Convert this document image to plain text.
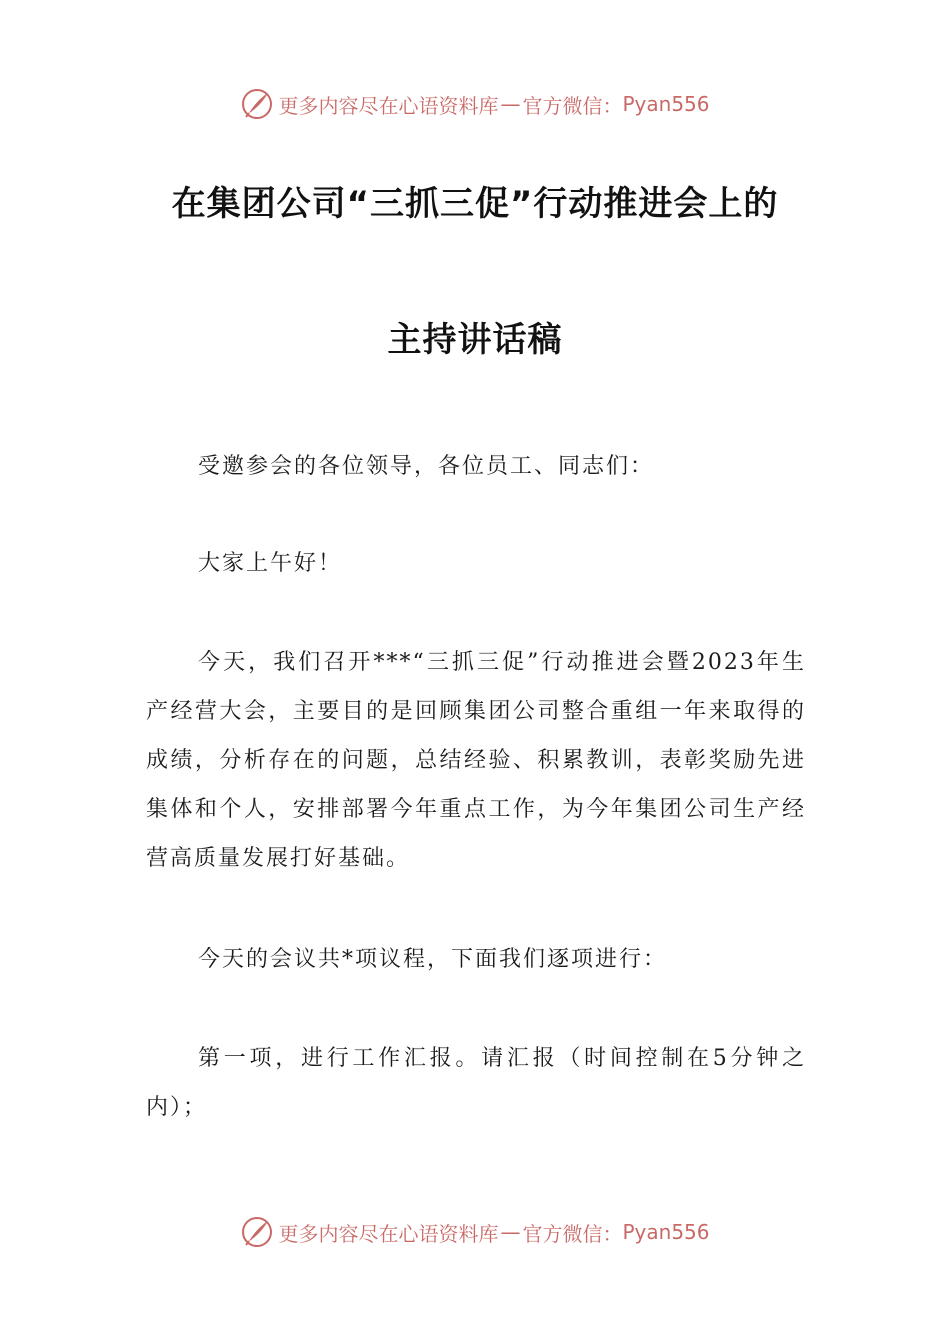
更多内容尽在心语资料库 — 官方微信： Pyan556
在集团公司“三抓三促”行动推进会上的
主持讲话稿

受邀参会的各位领导，各位员工、同志们：

大家上午好！

今天，我们召开***“三抓三促”行动推进会暨2023年生产经营大会，主要目的是回顾集团公司整合重组一年来取得的成绩，分析存在的问题，总结经验、积累教训，表彰奖励先进集体和个人，安排部署今年重点工作，为今年集团公司生产经营高质量发展打好基础。

今天的会议共*项议程，下面我们逐项进行：

第一项，进行工作汇报。请汇报（时间控制在5分钟之内）；

更多内容尽在心语资料库 — 官方微信： Pyan556
